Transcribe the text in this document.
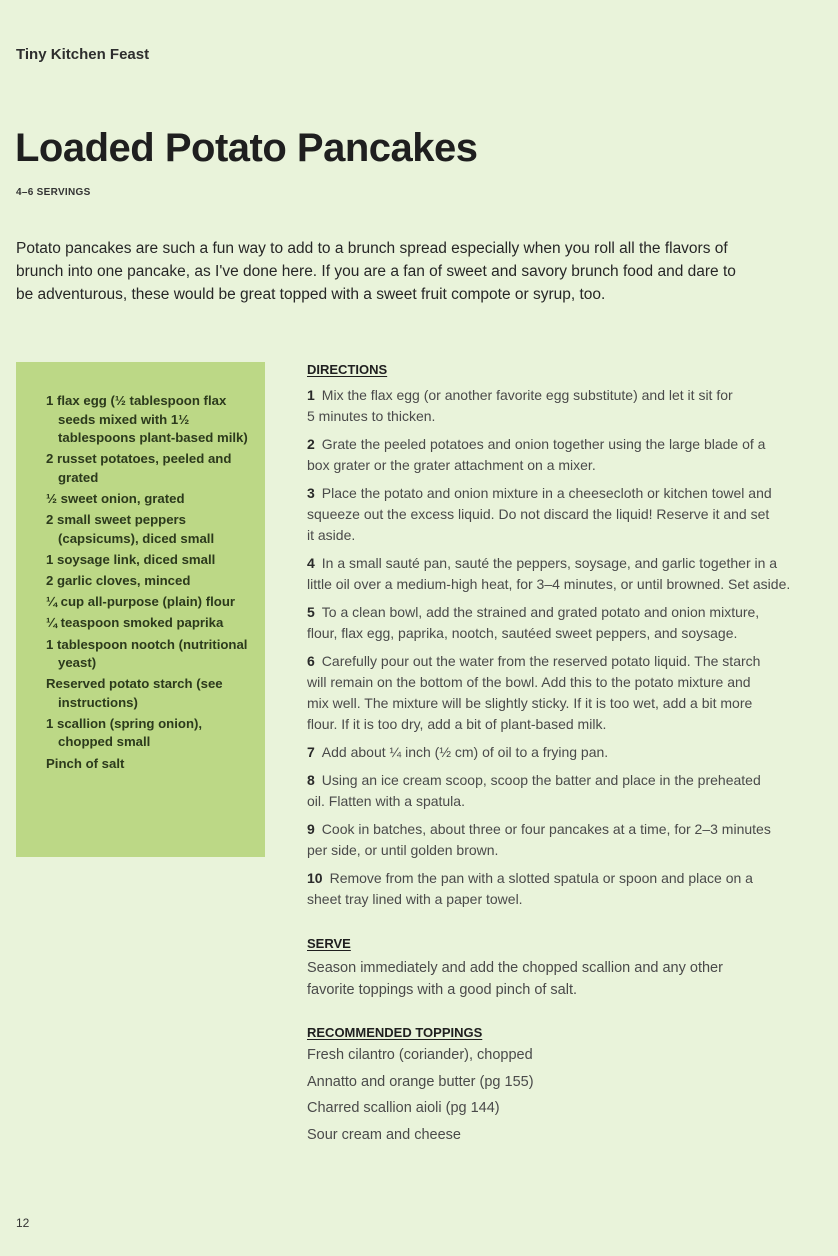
Tiny Kitchen Feast
Loaded Potato Pancakes
4–6 SERVINGS

Potato pancakes are such a fun way to add to a brunch spread especially when you roll all the flavors of brunch into one pancake, as I've done here. If you are a fan of sweet and savory brunch food and dare to be adventurous, these would be great topped with a sweet fruit compote or syrup, too.

1 flax egg (½ tablespoon flax seeds mixed with 1½ tablespoons plant-based milk)
2 russet potatoes, peeled and grated
½ sweet onion, grated
2 small sweet peppers (capsicums), diced small
1 soysage link, diced small
2 garlic cloves, minced
¼ cup all-purpose (plain) flour
¼ teaspoon smoked paprika
1 tablespoon nootch (nutritional yeast)
Reserved potato starch (see instructions)
1 scallion (spring onion), chopped small
Pinch of salt
DIRECTIONS
1 Mix the flax egg (or another favorite egg substitute) and let it sit for
5 minutes to thicken.
2 Grate the peeled potatoes and onion together using the large blade of a
box grater or the grater attachment on a mixer.
3 Place the potato and onion mixture in a cheesecloth or kitchen towel and
squeeze out the excess liquid. Do not discard the liquid! Reserve it and set
it aside.
4 In a small sauté pan, sauté the peppers, soysage, and garlic together in a
little oil over a medium-high heat, for 3–4 minutes, or until browned. Set aside.
5 To a clean bowl, add the strained and grated potato and onion mixture,
flour, flax egg, paprika, nootch, sautéed sweet peppers, and soysage.
6 Carefully pour out the water from the reserved potato liquid. The starch
will remain on the bottom of the bowl. Add this to the potato mixture and
mix well. The mixture will be slightly sticky. If it is too wet, add a bit more
flour. If it is too dry, add a bit of plant-based milk.
7 Add about ¼ inch (½ cm) of oil to a frying pan.
8 Using an ice cream scoop, scoop the batter and place in the preheated
oil. Flatten with a spatula.
9 Cook in batches, about three or four pancakes at a time, for 2–3 minutes
per side, or until golden brown.
10 Remove from the pan with a slotted spatula or spoon and place on a
sheet tray lined with a paper towel.
SERVE

Season immediately and add the chopped scallion and any other

favorite toppings with a good pinch of salt.

RECOMMENDED TOPPINGS
Fresh cilantro (coriander), chopped
Annatto and orange butter (pg 155)
Charred scallion aioli (pg 144)
Sour cream and cheese
12
